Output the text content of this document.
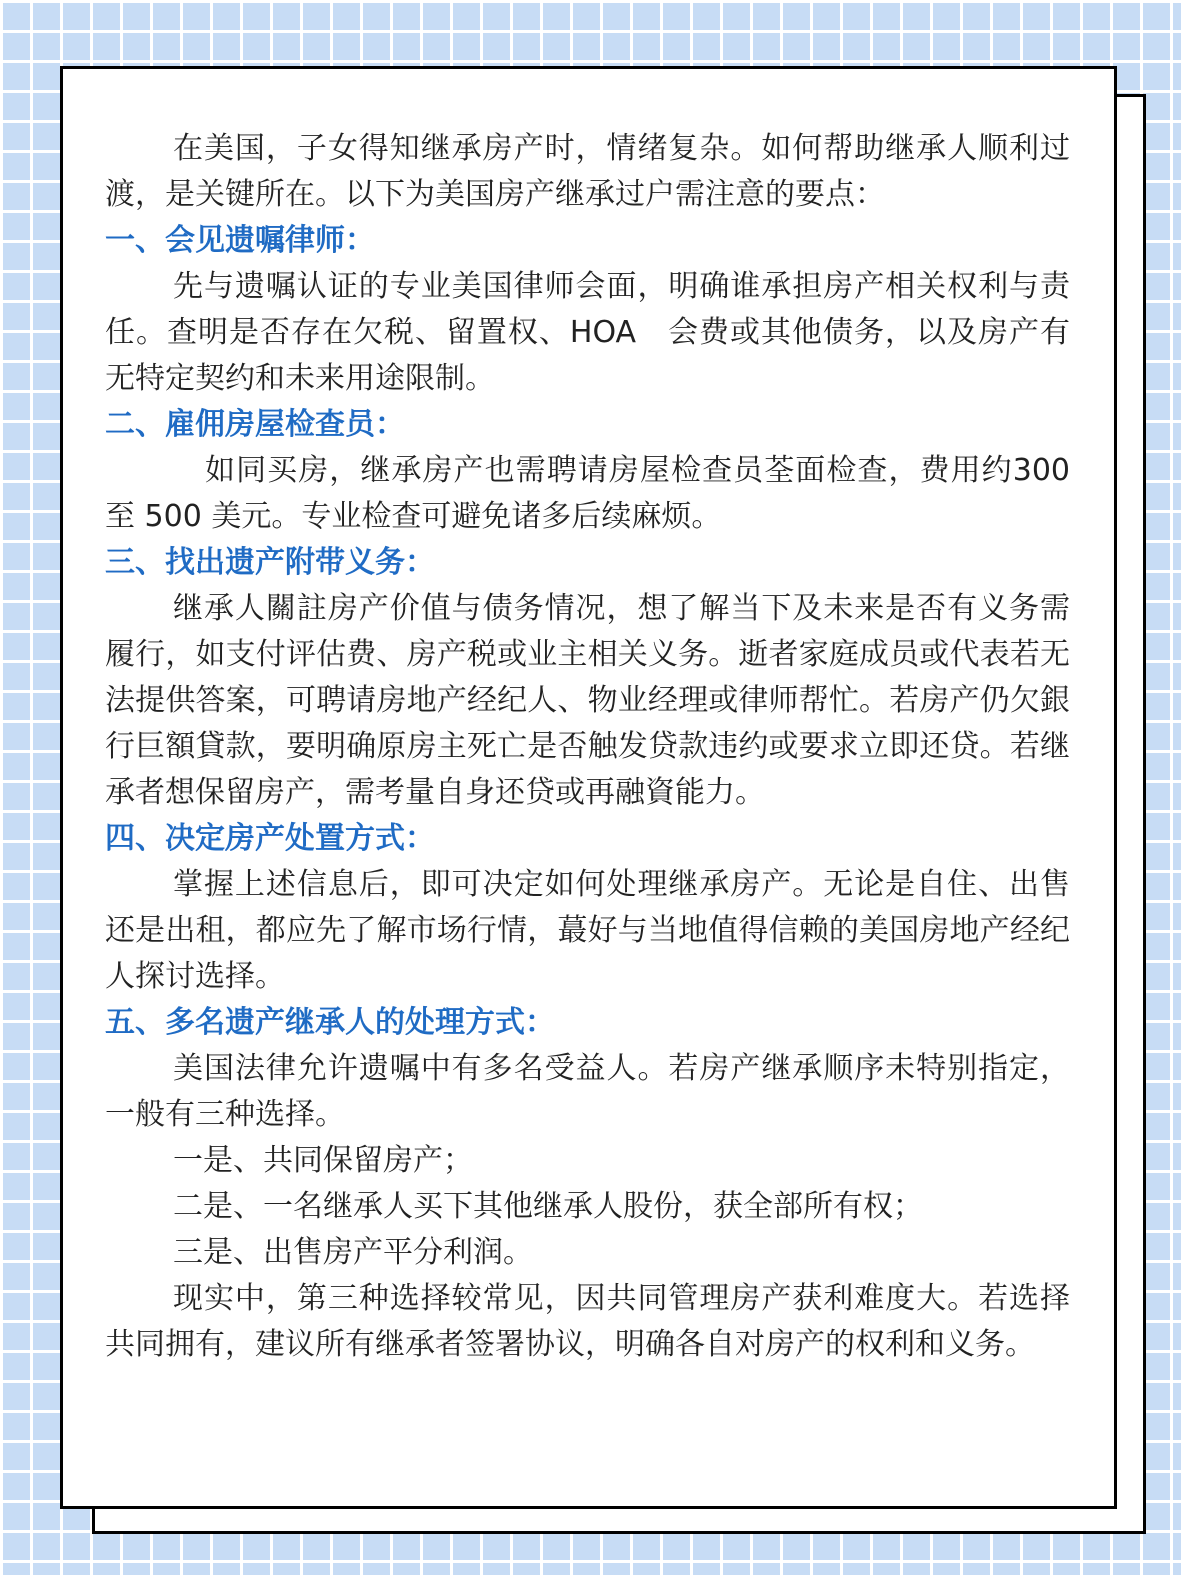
在美国，子女得知继承房产时，情绪复杂。如何帮助继承人顺利过渡，是关键所在。以下为美国房产继承过户需注意的要点：

一、会见遗嘱律师：

先与遗嘱认证的专业美国律师会面，明确谁承担房产相关权利与责任。查明是否存在欠税、留置权、HOA　会费或其他债务，以及房产有无特定契约和未来用途限制。

二、雇佣房屋检查员：

如同买房，继承房产也需聘请房屋检查员荃面检查，费用约300 至 500 美元。专业检查可避免诸多后续麻烦。

三、找出遗产附带义务：

继承人關註房产价值与债务情况，想了解当下及未来是否有义务需履行，如支付评估费、房产税或业主相关义务。逝者家庭成员或代表若无法提供答案，可聘请房地产经纪人、物业经理或律师帮忙。若房产仍欠銀行巨額貸款，要明确原房主死亡是否触发贷款违约或要求立即还贷。若继承者想保留房产，需考量自身还贷或再融資能力。

四、决定房产处置方式：

掌握上述信息后，即可决定如何处理继承房产。无论是自住、出售还是出租，都应先了解市场行情，蕞好与当地值得信赖的美国房地产经纪人探讨选择。

五、多名遗产继承人的处理方式：

美国法律允许遗嘱中有多名受益人。若房产继承顺序未特别指定，一般有三种选择。

一是、共同保留房产；

二是、一名继承人买下其他继承人股份，获全部所有权；

三是、出售房产平分利润。

现实中，第三种选择较常见，因共同管理房产获利难度大。若选择共同拥有，建议所有继承者签署协议，明确各自对房产的权利和义务。
